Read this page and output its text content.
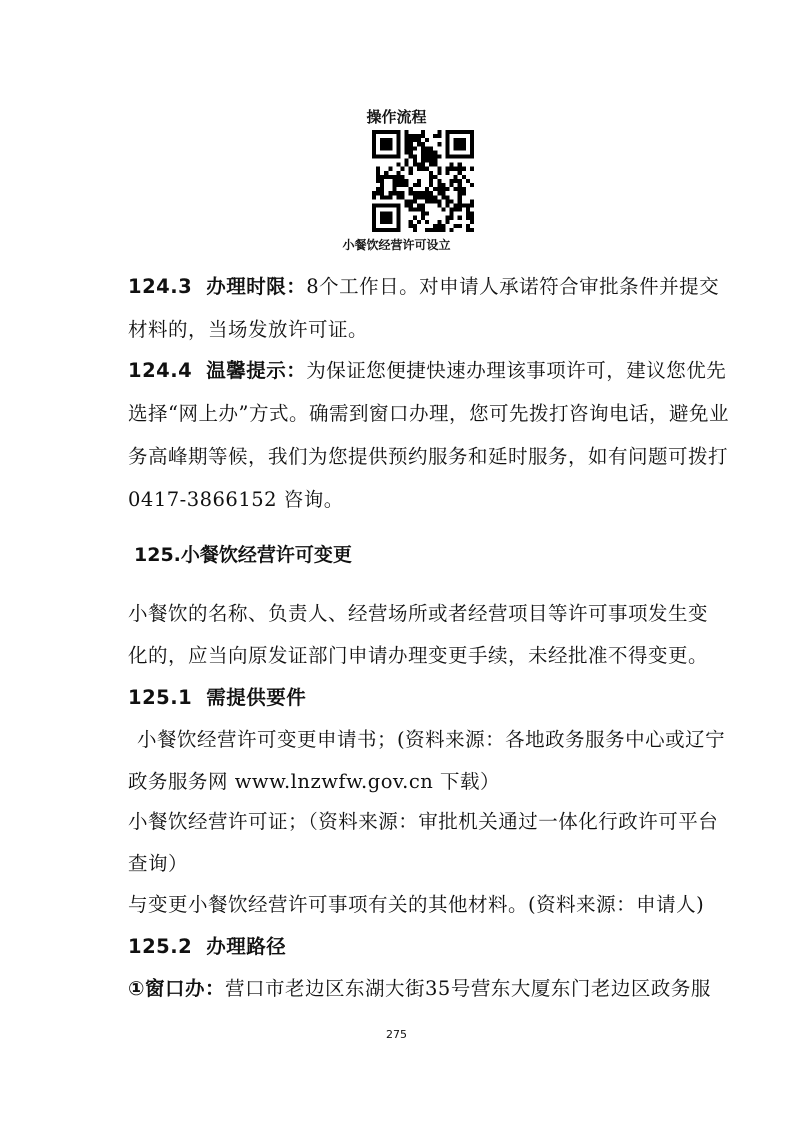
操作流程
小餐饮经营许可设立
124.3 办理时限：8个工作日。对申请人承诺符合审批条件并提交
材料的，当场发放许可证。
124.4 温馨提示：为保证您便捷快速办理该事项许可，建议您优先
选择“网上办”方式。确需到窗口办理，您可先拨打咨询电话，避免业
务高峰期等候，我们为您提供预约服务和延时服务，如有问题可拨打
0417-3866152 咨询。
125.小餐饮经营许可变更
小餐饮的名称、负责人、经营场所或者经营项目等许可事项发生变
化的，应当向原发证部门申请办理变更手续，未经批准不得变更。
125.1 需提供要件
小餐饮经营许可变更申请书；(资料来源：各地政务服务中心或辽宁
政务服务网 www.lnzwfw.gov.cn 下载）
小餐饮经营许可证；（资料来源：审批机关通过一体化行政许可平台
查询）
与变更小餐饮经营许可事项有关的其他材料。(资料来源：申请人)
125.2 办理路径
①窗口办：营口市老边区东湖大街35号营东大厦东门老边区政务服
275
